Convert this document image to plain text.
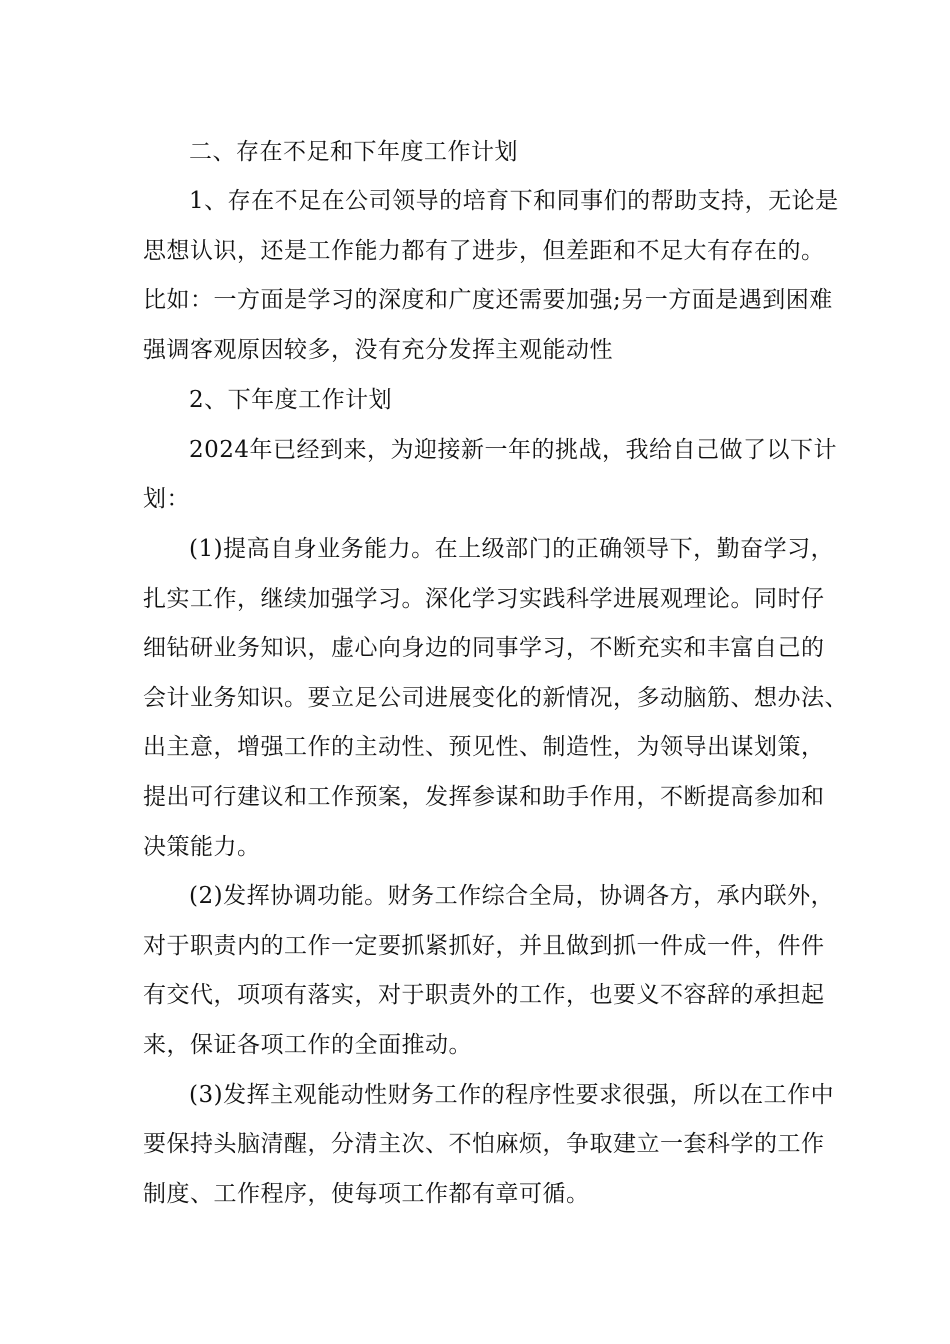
二、存在不足和下年度工作计划
1、存在不足在公司领导的培育下和同事们的帮助支持，无论是
思想认识，还是工作能力都有了进步，但差距和不足大有存在的。
比如：一方面是学习的深度和广度还需要加强;另一方面是遇到困难
强调客观原因较多，没有充分发挥主观能动性
2、下年度工作计划
2024年已经到来，为迎接新一年的挑战，我给自己做了以下计
划：
(1)提高自身业务能力。在上级部门的正确领导下，勤奋学习，
扎实工作，继续加强学习。深化学习实践科学进展观理论。同时仔
细钻研业务知识，虚心向身边的同事学习，不断充实和丰富自己的
会计业务知识。要立足公司进展变化的新情况，多动脑筋、想办法、
出主意，增强工作的主动性、预见性、制造性，为领导出谋划策，
提出可行建议和工作预案，发挥参谋和助手作用，不断提高参加和
决策能力。
(2)发挥协调功能。财务工作综合全局，协调各方，承内联外，
对于职责内的工作一定要抓紧抓好，并且做到抓一件成一件，件件
有交代，项项有落实，对于职责外的工作，也要义不容辞的承担起
来，保证各项工作的全面推动。
(3)发挥主观能动性财务工作的程序性要求很强，所以在工作中
要保持头脑清醒，分清主次、不怕麻烦，争取建立一套科学的工作
制度、工作程序，使每项工作都有章可循。
